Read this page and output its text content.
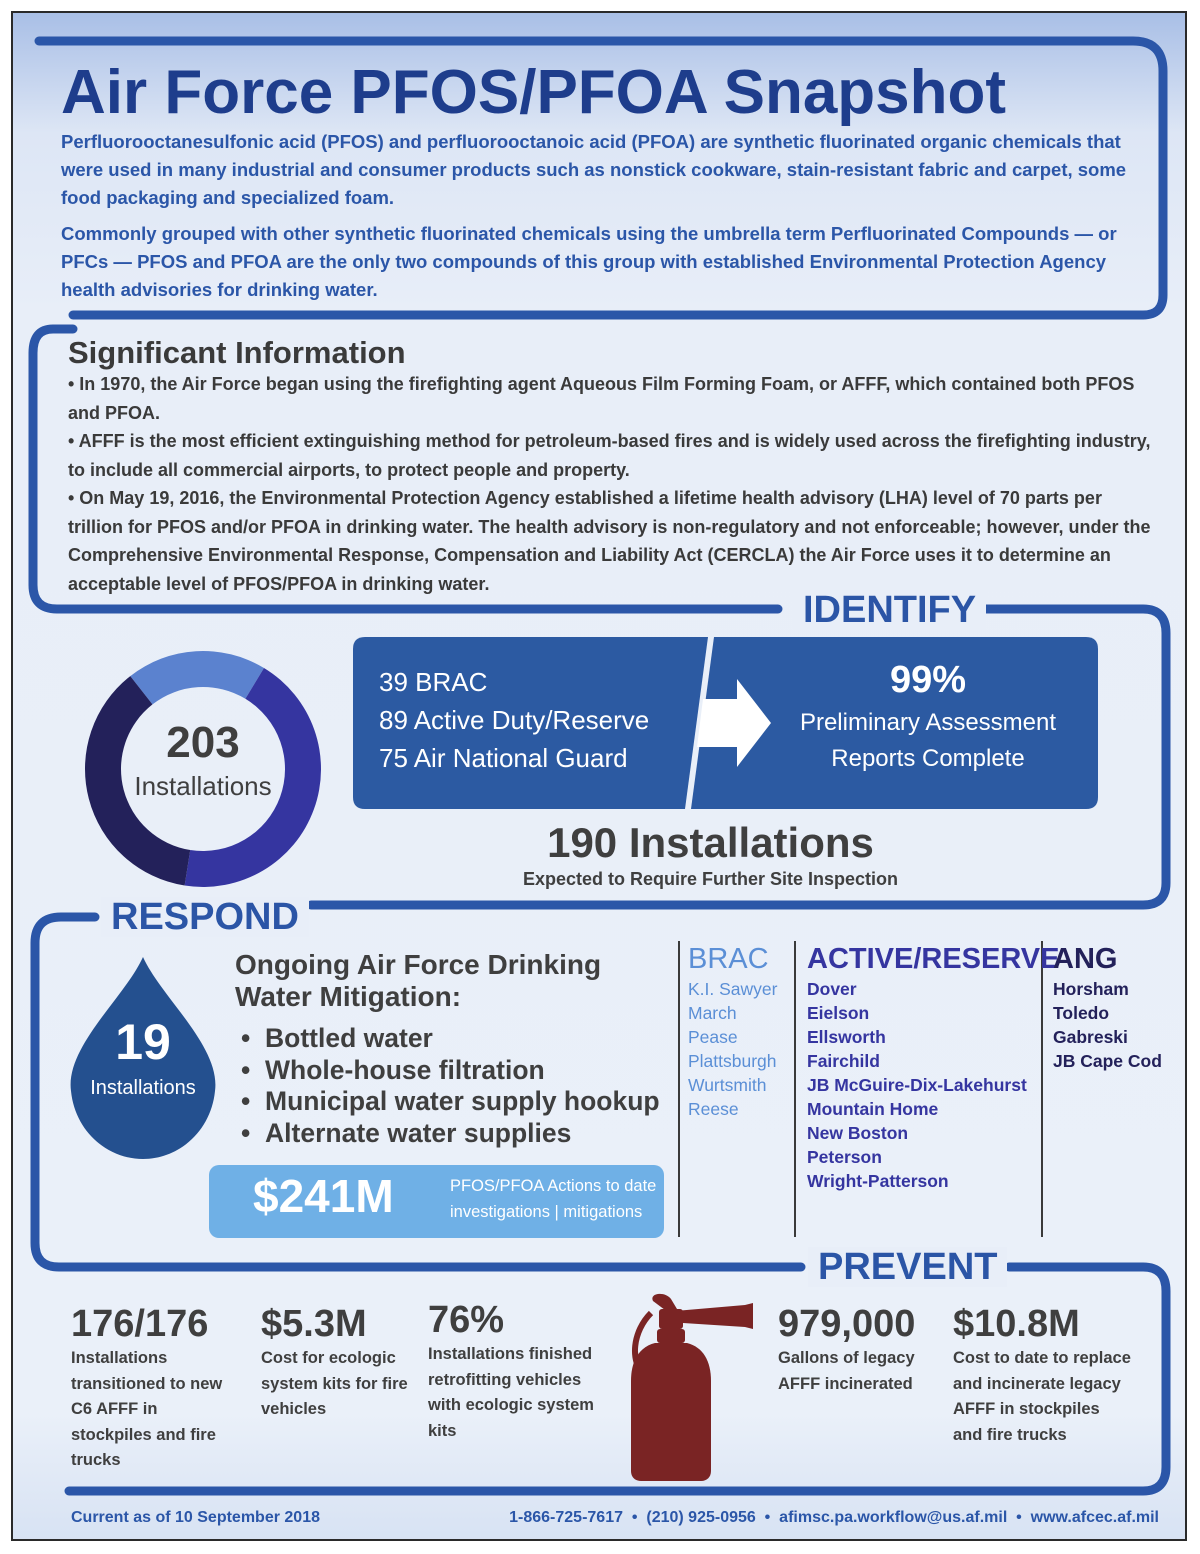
Air Force PFOS/PFOA Snapshot
Perfluorooctanesulfonic acid (PFOS) and perfluorooctanoic acid (PFOA) are synthetic fluorinated organic chemicals that were used in many industrial and consumer products such as nonstick cookware, stain-resistant fabric and carpet, some food packaging and specialized foam.
Commonly grouped with other synthetic fluorinated chemicals using the umbrella term Perfluorinated Compounds — or PFCs — PFOS and PFOA are the only two compounds of this group with established Environmental Protection Agency health advisories for drinking water.
Significant Information

• In 1970, the Air Force began using the firefighting agent Aqueous Film Forming Foam, or AFFF, which contained both PFOS and PFOA.

• AFFF is the most efficient extinguishing method for petroleum-based fires and is widely used across the firefighting industry, to include all commercial airports, to protect people and property.

• On May 19, 2016, the Environmental Protection Agency established a lifetime health advisory (LHA) level of 70 parts per trillion for PFOS and/or PFOA in drinking water. The health advisory is non-regulatory and not enforceable; however, under the Comprehensive Environmental Response, Compensation and Liability Act (CERCLA) the Air Force uses it to determine an acceptable level of PFOS/PFOA in drinking water.

IDENTIFY
203
Installations
39 BRAC
89 Active Duty/Reserve
75 Air National Guard
99%
Preliminary Assessment
Reports Complete
190 Installations
Expected to Require Further Site Inspection
RESPOND
19
Installations
Ongoing Air Force Drinking
Water Mitigation:
•  Bottled water
•  Whole-house filtration
•  Municipal water supply hookup
•  Alternate water supplies
$241M	PFOS/PFOA Actions to date
investigations | mitigations
BRAC
K.I. Sawyer
March
Pease
Plattsburgh
Wurtsmith
Reese
ACTIVE/RESERVE
Dover
Eielson
Ellsworth
Fairchild
JB McGuire-Dix-Lakehurst
Mountain Home
New Boston
Peterson
Wright-Patterson
ANG
Horsham
Toledo
Gabreski
JB Cape Cod
PREVENT
176/176
Installations transitioned to new C6 AFFF in stockpiles and fire trucks
$5.3M
Cost for ecologic system kits for fire vehicles
76%
Installations finished retrofitting vehicles with ecologic system kits
979,000
Gallons of legacy AFFF incinerated
$10.8M
Cost to date to replace and incinerate legacy AFFF in stockpiles and fire trucks
Current as of 10 September 2018	1-866-725-7617  •  (210) 925-0956  •  afimsc.pa.workflow@us.af.mil  •  www.afcec.af.mil
